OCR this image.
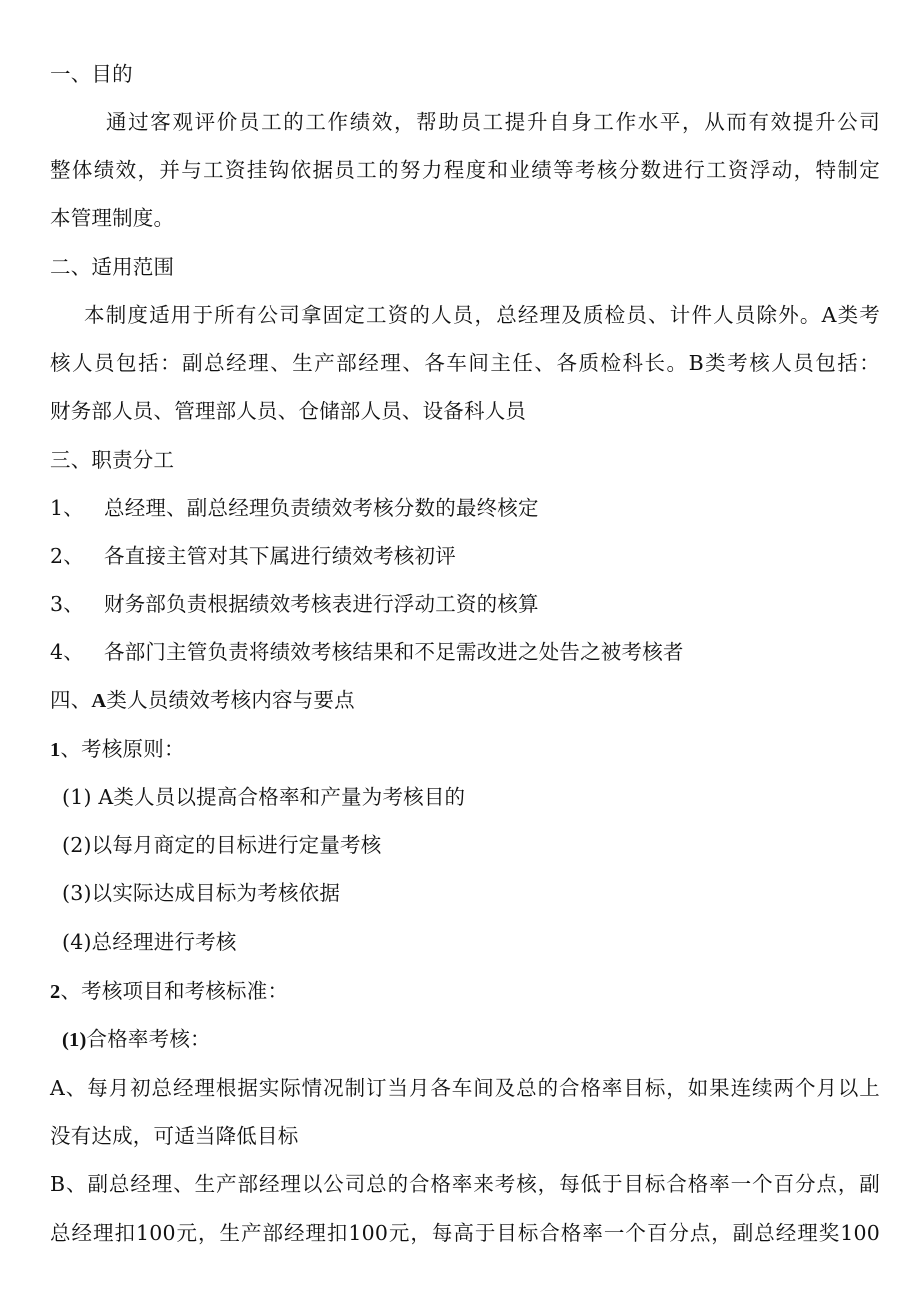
一、目的
通过客观评价员工的工作绩效，帮助员工提升自身工作水平，从而有效提升公司
整体绩效，并与工资挂钩依据员工的努力程度和业绩等考核分数进行工资浮动，特制定
本管理制度。
二、适用范围
本制度适用于所有公司拿固定工资的人员，总经理及质检员、计件人员除外。A类考
核人员包括：副总经理、生产部经理、各车间主任、各质检科长。B类考核人员包括：
财务部人员、管理部人员、仓储部人员、设备科人员
三、职责分工
1、 总经理、副总经理负责绩效考核分数的最终核定
2、 各直接主管对其下属进行绩效考核初评
3、 财务部负责根据绩效考核表进行浮动工资的核算
4、 各部门主管负责将绩效考核结果和不足需改进之处告之被考核者
四、A类人员绩效考核内容与要点
1、考核原则：
(1) A类人员以提高合格率和产量为考核目的
(2)以每月商定的目标进行定量考核
(3)以实际达成目标为考核依据
(4)总经理进行考核
2、考核项目和考核标准：
(1)合格率考核：
A、每月初总经理根据实际情况制订当月各车间及总的合格率目标，如果连续两个月以上
没有达成，可适当降低目标
B、副总经理、生产部经理以公司总的合格率来考核，每低于目标合格率一个百分点，副
总经理扣100元，生产部经理扣100元，每高于目标合格率一个百分点，副总经理奖100
